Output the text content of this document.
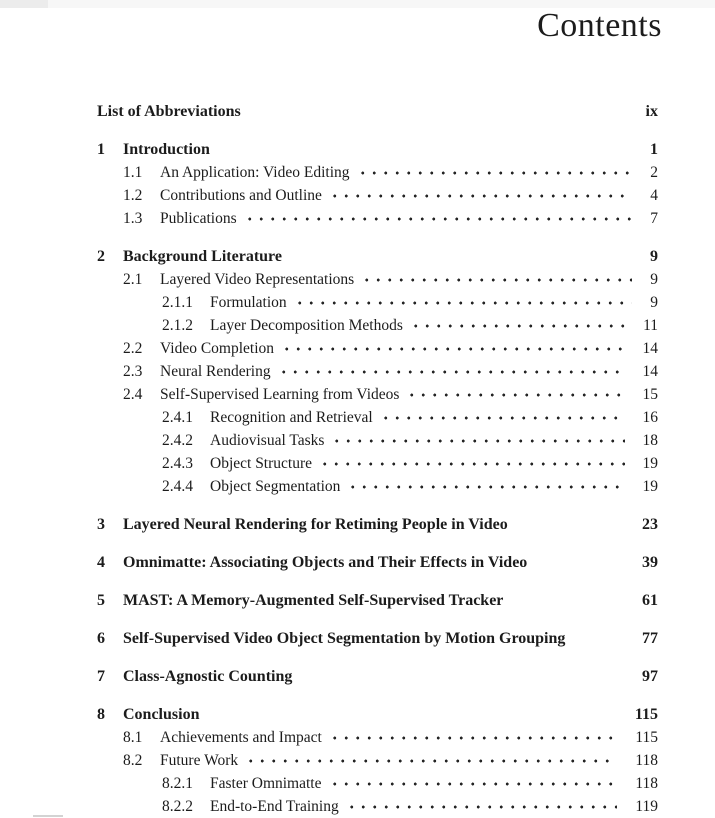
Contents
List of Abbreviations	ix
1	Introduction	1
1.1	An Application: Video Editing	2
1.2	Contributions and Outline	4
1.3	Publications	7
2	Background Literature	9
2.1	Layered Video Representations	9
2.1.1	Formulation	9
2.1.2	Layer Decomposition Methods	11
2.2	Video Completion	14
2.3	Neural Rendering	14
2.4	Self-Supervised Learning from Videos	15
2.4.1	Recognition and Retrieval	16
2.4.2	Audiovisual Tasks	18
2.4.3	Object Structure	19
2.4.4	Object Segmentation	19
3	Layered Neural Rendering for Retiming People in Video	23
4	Omnimatte: Associating Objects and Their Effects in Video	39
5	MAST: A Memory-Augmented Self-Supervised Tracker	61
6	Self-Supervised Video Object Segmentation by Motion Grouping	77
7	Class-Agnostic Counting	97
8	Conclusion	115
8.1	Achievements and Impact	115
8.2	Future Work	118
8.2.1	Faster Omnimatte	118
8.2.2	End-to-End Training	119
